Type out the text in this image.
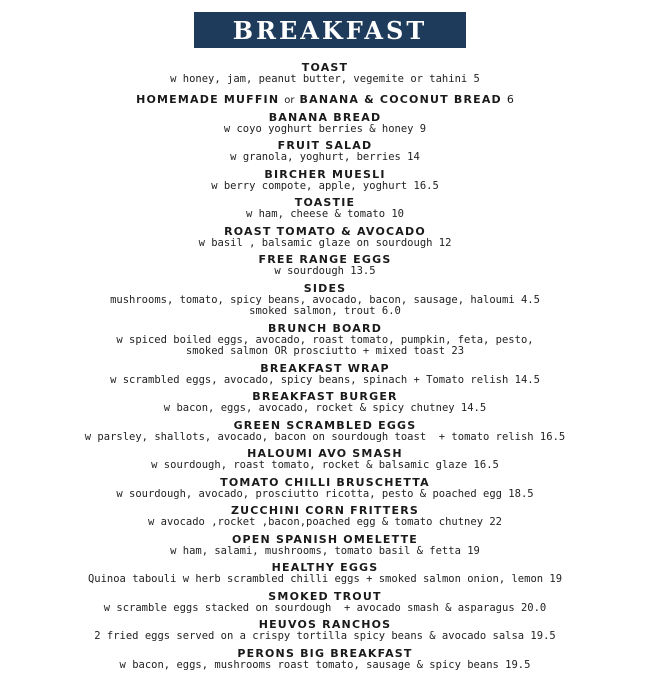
BREAKFAST
TOAST
w honey, jam, peanut butter, vegemite or tahini 5
HOMEMADE MUFFIN or BANANA & COCONUT BREAD 6
BANANA BREAD
w coyo yoghurt berries & honey 9
FRUIT SALAD
w granola, yoghurt, berries 14
BIRCHER MUESLI
w berry compote, apple, yoghurt 16.5
TOASTIE
w ham, cheese & tomato 10
ROAST TOMATO & AVOCADO
w basil , balsamic glaze on sourdough 12
FREE RANGE EGGS
w sourdough 13.5
SIDES
mushrooms, tomato, spicy beans, avocado, bacon, sausage, haloumi 4.5
smoked salmon, trout 6.0
BRUNCH BOARD
w spiced boiled eggs, avocado, roast tomato, pumpkin, feta, pesto,
smoked salmon OR prosciutto + mixed toast 23
BREAKFAST WRAP
w scrambled eggs, avocado, spicy beans, spinach + Tomato relish 14.5
BREAKFAST BURGER
w bacon, eggs, avocado, rocket & spicy chutney 14.5
GREEN SCRAMBLED EGGS
w parsley, shallots, avocado, bacon on sourdough toast  + tomato relish 16.5
HALOUMI AVO SMASH
w sourdough, roast tomato, rocket & balsamic glaze 16.5
TOMATO CHILLI BRUSCHETTA
w sourdough, avocado, prosciutto ricotta, pesto & poached egg 18.5
ZUCCHINI CORN FRITTERS
w avocado ,rocket ,bacon,poached egg & tomato chutney 22
OPEN SPANISH OMELETTE
w ham, salami, mushrooms, tomato basil & fetta 19
HEALTHY EGGS
Quinoa tabouli w herb scrambled chilli eggs + smoked salmon onion, lemon 19
SMOKED TROUT
w scramble eggs stacked on sourdough  + avocado smash & asparagus 20.0
HEUVOS RANCHOS
2 fried eggs served on a crispy tortilla spicy beans & avocado salsa 19.5
PERONS BIG BREAKFAST
w bacon, eggs, mushrooms roast tomato, sausage & spicy beans 19.5
